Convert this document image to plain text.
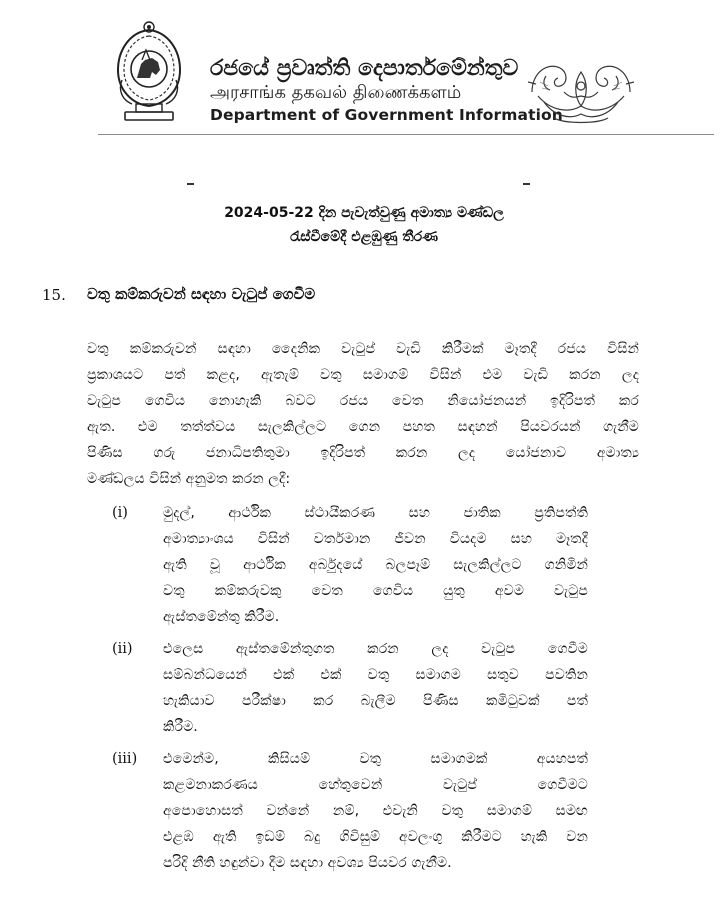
රජයේ ප්‍රවෘත්ති දෙපාර්තමේන්තුව
அரசாங்க தகவல் திணைக்களம்
Department of Government Information
2024-05-22 දින පැවැත්වුණු අමාත්‍ය මණ්ඩල
රැස්වීමේදී එළඹුණු තීරණ
15. වතු කම්කරුවන් සඳහා වැටුප් ගෙවීම
වතු කම්කරුවන් සඳහා දෛනික වැටුප් වැඩි කිරීමක් මෑතදී රජය විසින්
ප්‍රකාශයට පත් කළද, ඇතැම් වතු සමාගම් විසින් එම වැඩි කරන ලද
වැටුප ගෙවිය නොහැකි බවට රජය වෙත නියෝජනයන් ඉදිරිපත් කර
ඇත. එම තත්ත්වය සැලකිල්ලට ගෙන පහත සඳහන් පියවරයන් ගැනීම
පිණිස ගරු ජනාධිපතිතුමා ඉදිරිපත් කරන ලද යෝජනාව අමාත්‍ය
මණ්ඩලය විසින් අනුමත කරන ලදී:
(i)	මුදල්, ආර්ථික ස්ථායීකරණ සහ ජාතික ප්‍රතිපත්ති
අමාත්‍යාංශය විසින් වර්තමාන ජීවන වියදම සහ මෑතදී
ඇති වූ ආර්ථික අර්බුදයේ බලපෑම් සැලකිල්ලට ගනිමින්
වතු කම්කරුවකු වෙත ගෙවිය යුතු අවම වැටුප
ඇස්තමේන්තු කිරීම.
(ii)	එලෙස ඇස්තමේන්තුගත කරන ලද වැටුප ගෙවීම
සම්බන්ධයෙන් එක් එක් වතු සමාගම සතුව පවතින
හැකියාව පරීක්ෂා කර බැලීම පිණිස කමිටුවක් පත්
කිරීම.
(iii)	එමෙන්ම, කිසියම් වතු සමාගමක් අයහපත්
කළමනාකරණය හේතුවෙන් වැටුප් ගෙවීමට
අපොහොසත් වන්නේ නම්, එවැනි වතු සමාගම් සමඟ
එළඹ ඇති ඉඩම් බදු ගිවිසුම් අවලංගු කිරීමට හැකි වන
පරිදි නීති හඳුන්වා දීම සඳහා අවශ්‍ය පියවර ගැනීම.
